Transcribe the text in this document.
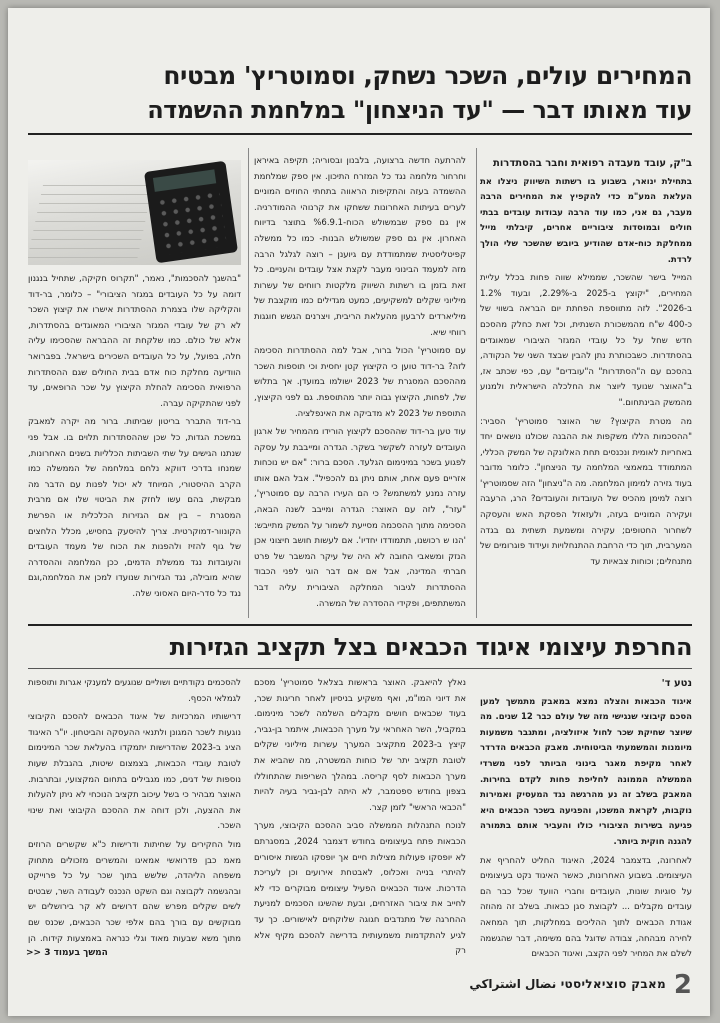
המחירים עולים, השכר נשחק, וסמוטריץ' מבטיח
עוד מאותו דבר — "עד הניצחון" במלחמת ההשמדה

ב"ק, עובד מעבדה רפואית וחבר בהסתדרות

בתחילת ינואר, בשבוע בו רשתות השיווק ניצלו את העלאת המע"מ כדי להקפיץ את המחירים הרבה מעבר, גם אני, כמו עוד הרבה עבודות עובדים בבתי חולים ובמוסדות ציבוריים אחרים, קיבלתי מייל ממחלקת כוח-אדם שהודיע ביובש שהשכר שלי הולך לרדת.

המייל בישר שהשכר, שממילא שווה פחות בכלל עליית המחירים, "יקוצץ ב-2025 ב-2.29%, ובעוד 1.2% ב-2026". לזה מתווספת הפחתת יום הבראה בשווי של כ-400 ש"ח מהמשכורת השנתית, וכל זאת כחלק מהסכם חדש שחל על כל עובדי המגזר הציבורי שמאוגדים בהסתדרות. כשבכותרת נתן להבין שבצד השני של הנקודה, בהסכם עם ה"הסתדרות" ה"עובדים" עם, כפי שכתב אז, ב"האוצר שנועד ליוצר את החלכלה הישראלית ולמנוע מהמשק הבינתחום."

מה מטרת הקיצוץ? שר האוצר סמוטריץ' הסביר: "ההסכמות הללו משקפות את ההבנה שכולנו נושאים יחד באחריות לאומית ונכנסים תחת האלונקה של המשק הכללי, המתמודד במאמצי המלחמה עד הניצחון". כלומר מדובר בעוד גזירה למימון המלחמה. מה ה"ניצחון" הזה שסמוטריץ' רוצה למימן מהכיס של העובדות והעובדים? הרג, הרעבה ועקירה המוניים בעזה, ולעזאזל הפסקת האש והעסקה לשחרור החטופים; עקירה ומשמעת תשתית גם בגדה המערבית, תוך כדי הרחבת ההתנחלויות ועידוד פוגרומים של מתנחלים; וכוחות צבאיות עד

להרתעה חדשה ברצועה, בלבנון ובסוריה; תקיפה באיראן וחרחור מלחמה נגד כל המזרח התיכון. אין ספק שמלחמת ההשמדה בעזה והתקיפות הראווה בתחתי החוזים המוניים לערים בעיתות האחרונות ששחקו את קרנוהי ההמודרניה. אין גם ספק שבמשולש הכוח-1.%6.9 בתוצר בדיווח האחרון. אין גם ספק שמשולש הבנות- כמו כל ממשלה קפיטליסטית שמתמודדת עם גיוענן – רוצה לגלגל הרבה מזה למעמד הבינוני מעבר לקצת אצל עובדים והעניים. כל זאת בזמן בו רשתות השיווק מלקטות רווחים של עשרות מיליוני שקלים למשקיעים, כמעט מגדילים כמו מוקצבת של מיליארדים לרבעון מהעלאת הריבית, ויצרנים הגשש חוגגות רווחי שיא.

עם סמוטריץ' הכול ברור, אבל למה ההסתדרות הסכימה לזה? בר-דוד טוען כי הקיצוץ קטן יחסית וכי תוספות השכר מההסכם המסגרת של 2023 ישולמו במועדן. אך בתלוש של, לפחות, הקיצוץ גבוה יותר מהתוספת. גם לפני הקיצוץ, התוספת של 2023 לא מדביקה את האינפלציה.

עוד טען בר-דוד שההסכם לקיצוץ הורידו מהמחיר של ארגון העובדים לעזרה לשקשר בשקר. הגדרה ומייבבת על עסקה לפגוע בשכר במינימום הגלעד. הסכם ברור: "אם יש נוכחות אזריים פעם אחת, אותם ניתן גם להכפיל". אבל האם אותו עזרה נמנע למשתמש? כי הם העירו הרבה עם סמוטריץ', "עזר", לזה עם האוצר: הגדרה ומייבב לשנה הבאה, הסכימה מתוך ההסכמה מסייעת לשמור על המשק מתייבש: 'הנו ש רכושנו, תתמודדו יחדיו'. אם לעשות חושב חיצוני אכן הנזק ומשאבי החובה לא היה של עיקר המשבר של פרט חברתי המדינה, אבל אם אם דבר הוגי לפני הכבוד ההסתדרות לגיבור המחלקה הציבורית עליה דבר המשתתפים, ופקידי ההסדרה של המשרה.

"בהשגך להסכמות", נאמר, "תקרוס חקיקה, שתחיל בנגנון דומה על כל העובדים במגזר הציבורי" – כלומר, בר-דוד והקליקה שלו בצמרת ההסתדרות אישרו את קיצוץ השכר לא רק של עובדי המגזר הציבורי המאוגדים בהסתדרות, אלא של כולם. כמו שלקחת זה ההבראה שהסכימו עליה חלה, בפועל, על כל העובדים השכירים בישראל. בפברואר הוודיעה מחלקת כוח אדם בבית החולים שגם ההסתדרות הרפואית הסכימה להחלת הקיצוץ על שכר הרופאים, עד לפני שהתקיקה עברה.

בר-דוד התברר בריטון שביתות. ברור מה יקרה למאבק במשכת הגדות, כל שכן שההסתדרות תלוים בו. אבל פני שנתנו הגישים על שתי השביתות הכלליות בשנים האחרונות, שמנחו בדרכי דווקא נלחם במלחמה של הממשלה כמו הקרב ההיסטורי, המיוחד לא יכול לפנות עם הדבר מה מבקשת, בהם עשו לחזק את הביטוי שלו אם מרבית המסגרת – בין אם הגזירות הכלכלית או הפרשת הקונוור-דמוקרטית. צריך להיסעק בחסיש, מכלל הלחצים של גוף להזיז ולהפנות את הכוח של מעמד העובדים והעובדות נגד ממשלת הדמים, ככן המלחמה וההסדרה שהיא מובילה, נגד הגזירות שנועדו למכן את המלחמה,וגם נגד כל סדר-היום האסוני שלה.

החרפת עיצומי איגוד הכבאים בצל תקציב הגזירות

נטע ד'

איגוד הכבאות והצלה נמצא במאבק מתמשך למען הסכם קיבוצי שנגישי מזה של עולם כבר 12 שנים. מה שיוצר שחיקת שכר לחול איזולציה, ומתגבר משמעות מיומנות והמשמעתי הביטוחית. מאבק הכבאים הדרדר לאחר מקיפת מאגר בינוני הביותר לפני משרדי הממשלה הממונה לחליפת פחות לקדם בחירות. המאבק בשלב זה נע מהרגשה נגד המעסיק ואמירות נוקבות, לקראת המשכו, והפגיעה בשכר הכבאים היא פגיעה בשירות הציבורי כולו והעביר אותם בתמורה להגנה חוקית ביותר.

לאחרונה, בדצמבר 2024, האיגוד החליט להחריף את העיצומים. בשבוע האחרונות, כאשר האיגוד נקט בעיצומים על סוגיות שונות, העובדים וחברי הוועד שכל כבר הם עובדים מקבלים ... לקבוצת סגן כבאות. בשלב זה מהוזה אגודת הכבאים לתוך ההליכים במחלקות, תוך המחאה לחירה מבהחה, צבודה שדוגל בהם משימה, דבר שהגשמה לשלם את המחיר לפני הקצב, ואיגוד הכבאים

נאלץ להיאבק. האוצר בראשות בצלאל סמוטריץ' מסכם את דיוני המו"מ, ואף משקיע בניסיון לאחר חריגות שכר, בעוד שכבאים חושים מקבלים השלמה לשכר מינימום. במקביל, השר האחראי על מערך הכבאות, איתמר בן-גביר, קיצץ ב-2023 מתקציב המערך עשרות מיליוני שקלים לטובת תקציב יתר של כוחות המשטרה, מה שהביא את מערך הכבאות לסף קריסה. במהלך השריפות שהתחוללו בצפון בחודש ספטמבר, לא היתה לבן-גביר בעיה להיות "הכבאי הראשי" לזמן קצר.

לנוכח התנהלות הממשלה סביב ההסכם הקיבוצי, מערך הכבאות פתח בעיצומים בחודש דצמבר 2024, במסגרתם לא יופסקו פעולות מצילות חיים אך יופסקו הגשות איסורים להיתרי בנייה ואכלוס, לאבטחת אירועים וכן לעריכת הדרכות. איגוד הכבאים הפעיל עיצומים מבוקרים כדי לא לחייב את ציבור האזרחים, ובעת שהשיגו הסכמים למניעת ההחרגה של מתנדבים חגוגה שלוקחים לאישורים. כך עד לגיע להתקדמות משמעותית בדרישה להסכם מקיף אלא רק

להסכמים נקודתיים ושוליים שנוגעים למענקי אגרות ותוספות לגמלאי הכסף.

דרישותיו המרכזיות של איגוד הכבאים להסכם הקיבוצי נוגעות לשכר המגונן ולתנאי ההעסקה והביטחון. יו"ר האיגוד הציג ב-2023 שהדרישות יתמקדו בהעלאת שכר המינימום לטובת עובדי הכבאות, בצמצום שיטות, בהגבלת שעות נוספות של דגים, כמו מגבילים בתחום המקצועי, ובתרבות. האוצר מבהיר כי בשל עיכוב תקציב הנוכחי לא ניתן להעלות את ההצעה, ולכן דוחה את ההסכם הקיבוצי ואת שינוי השכר.

מול החקירים על שחיתות ודרישות כ"א שקשרים הרוזים מאמ כבן פדרואשי אמאיגו והמשרים מזכולים מתחוק משפחה הליהדה, שלשש בתוך שכר על כל פרוייקט ובהגשמה לקבוצה וגם השקט הנכנס לעבודה השר, שבטים לשים שקלים מפרש שהם דרושים לא קר בירושלים יש מבוקשים עם בורך בהם אלפי שכר הכבאים, שכנס שם מתוך משא שבעות מאוד וגלי כנראה באמצעות קידוח. הן

המשך בעמוד 3 <<
2
מאבק סוציאליסטי نضال اشتراكي
